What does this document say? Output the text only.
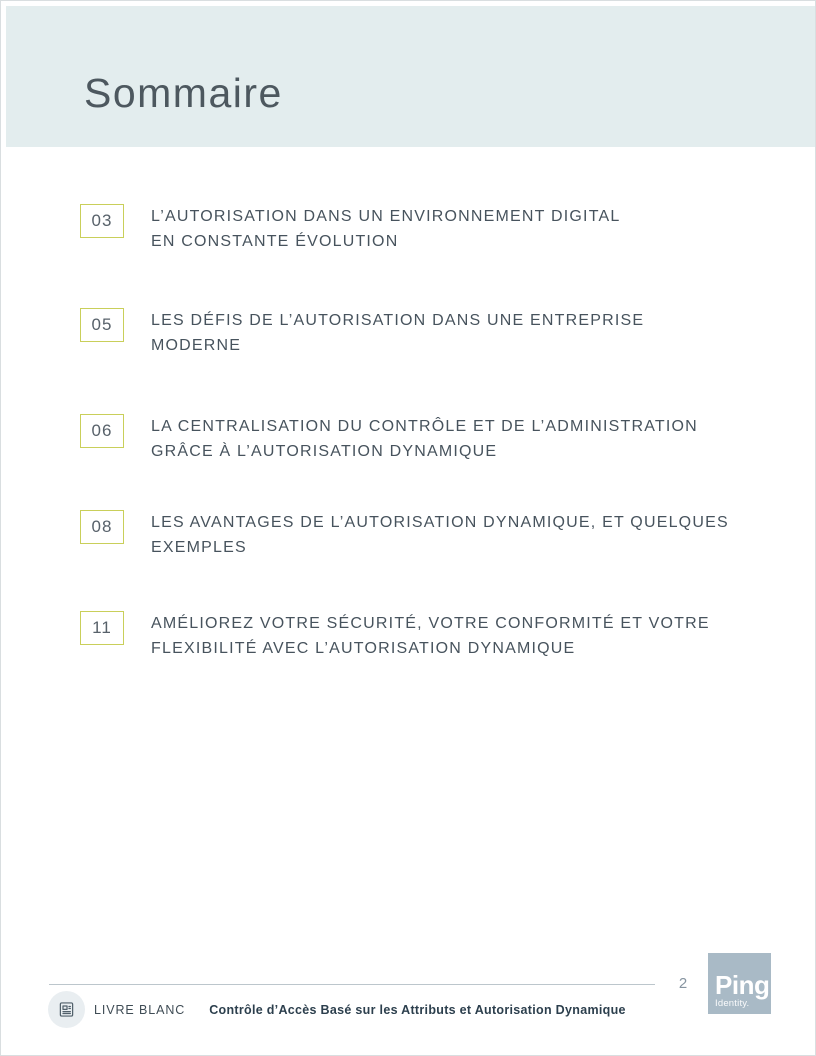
Sommaire
03	L’AUTORISATION DANS UN ENVIRONNEMENT DIGITAL
EN CONSTANTE ÉVOLUTION
05	LES DÉFIS DE L’AUTORISATION DANS UNE ENTREPRISE
MODERNE
06	LA CENTRALISATION DU CONTRÔLE ET DE L’ADMINISTRATION
GRÂCE À L’AUTORISATION DYNAMIQUE
08	LES AVANTAGES DE L’AUTORISATION DYNAMIQUE, ET QUELQUES
EXEMPLES
11	AMÉLIOREZ VOTRE SÉCURITÉ, VOTRE CONFORMITÉ ET VOTRE
FLEXIBILITÉ AVEC L’AUTORISATION DYNAMIQUE
2 Ping
Identity.
LIVRE BLANC Contrôle d’Accès Basé sur les Attributs et Autorisation Dynamique
